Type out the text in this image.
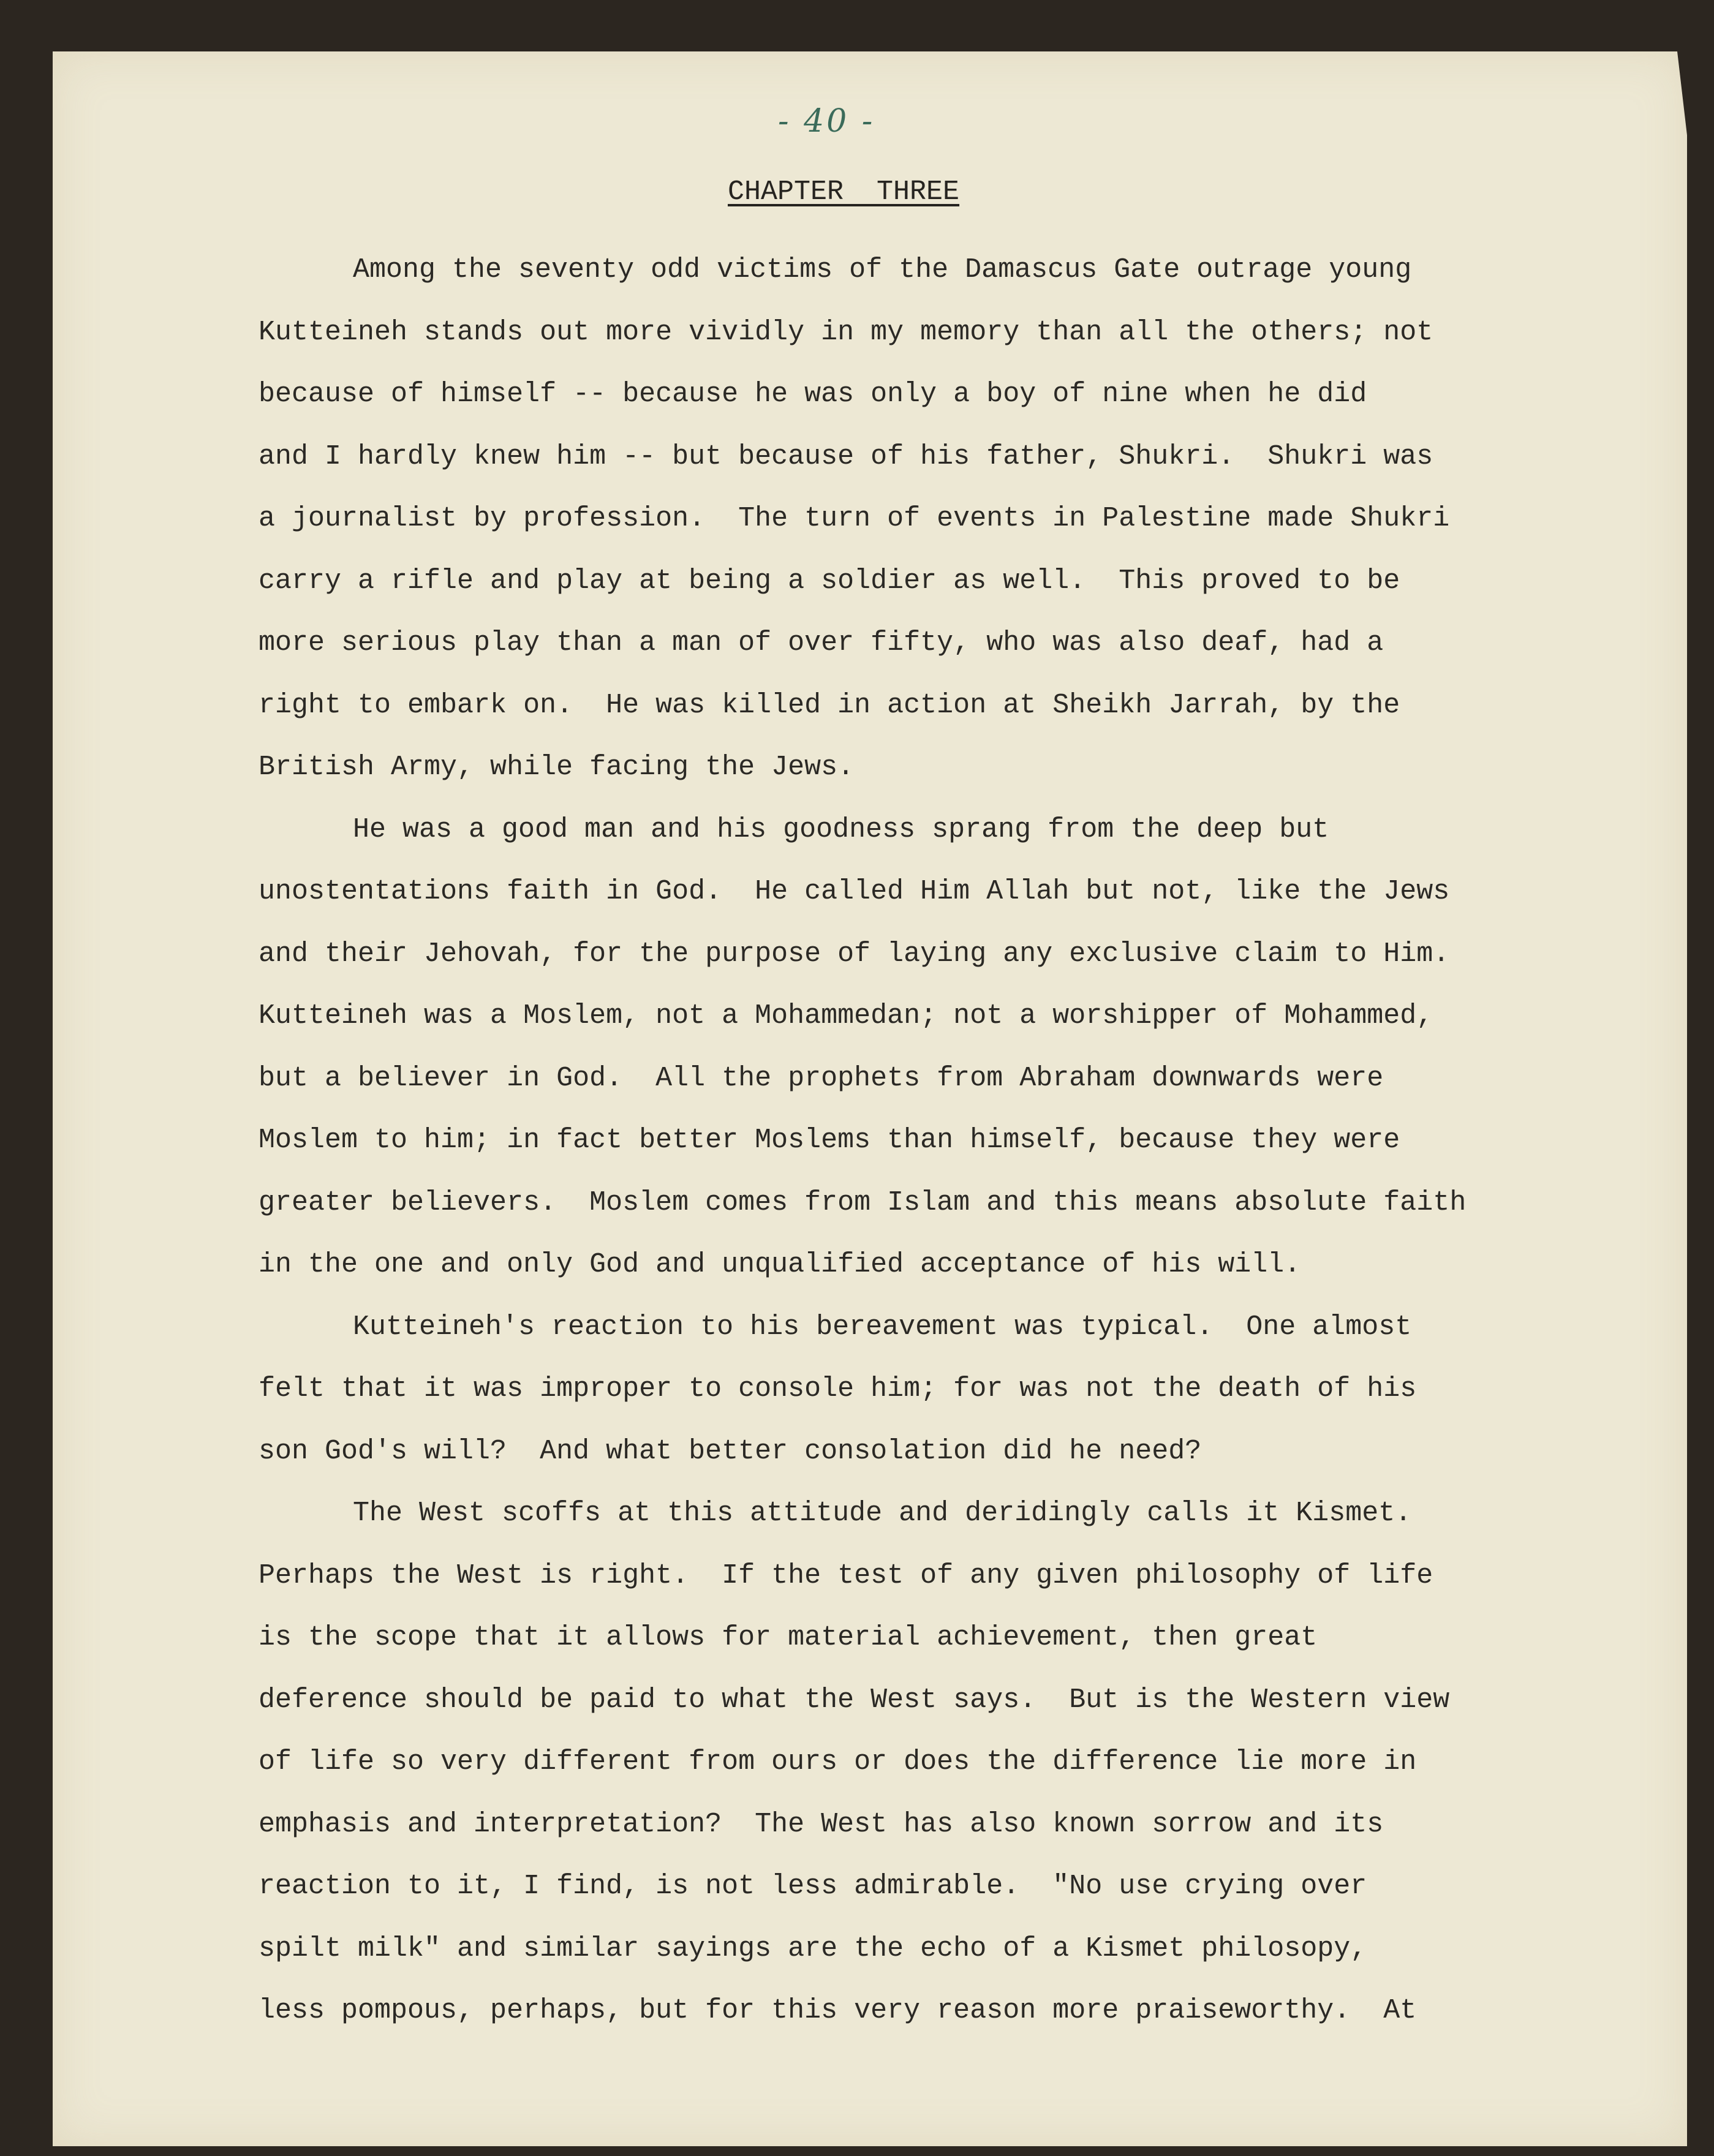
- 40 -
CHAPTER  THREE

Among the seventy odd victims of the Damascus Gate outrage young
Kutteineh stands out more vividly in my memory than all the others; not
because of himself -- because he was only a boy of nine when he did
and I hardly knew him -- but because of his father, Shukri.  Shukri was
a journalist by profession.  The turn of events in Palestine made Shukri
carry a rifle and play at being a soldier as well.  This proved to be
more serious play than a man of over fifty, who was also deaf, had a
right to embark on.  He was killed in action at Sheikh Jarrah, by the
British Army, while facing the Jews.

He was a good man and his goodness sprang from the deep but
unostentations faith in God.  He called Him Allah but not, like the Jews
and their Jehovah, for the purpose of laying any exclusive claim to Him.
Kutteineh was a Moslem, not a Mohammedan; not a worshipper of Mohammed,
but a believer in God.  All the prophets from Abraham downwards were
Moslem to him; in fact better Moslems than himself, because they were
greater believers.  Moslem comes from Islam and this means absolute faith
in the one and only God and unqualified acceptance of his will.

Kutteineh's reaction to his bereavement was typical.  One almost
felt that it was improper to console him; for was not the death of his
son God's will?  And what better consolation did he need?

The West scoffs at this attitude and deridingly calls it Kismet.
Perhaps the West is right.  If the test of any given philosophy of life
is the scope that it allows for material achievement, then great
deference should be paid to what the West says.  But is the Western view
of life so very different from ours or does the difference lie more in
emphasis and interpretation?  The West has also known sorrow and its
reaction to it, I find, is not less admirable.  "No use crying over
spilt milk" and similar sayings are the echo of a Kismet philosopy,
less pompous, perhaps, but for this very reason more praiseworthy.  At
